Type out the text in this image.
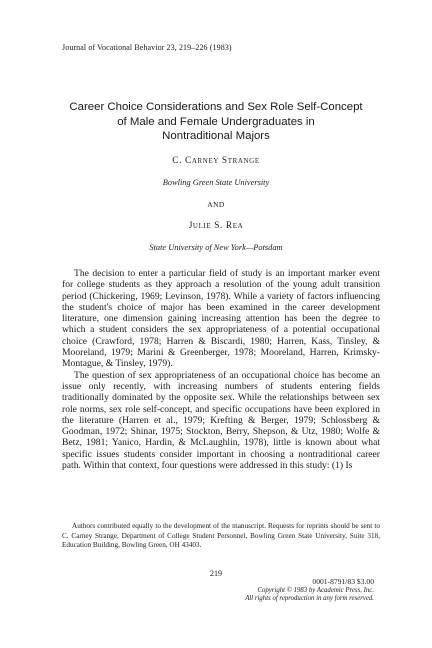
Journal of Vocational Behavior 23, 219–226 (1983)
Career Choice Considerations and Sex Role Self-Concept
of Male and Female Undergraduates in
Nontraditional Majors
C. Carney Strange
Bowling Green State University
AND
Julie S. Rea
State University of New York—Potsdam

The decision to enter a particular field of study is an important marker event for college students as they approach a resolution of the young adult transition period (Chickering, 1969; Levinson, 1978). While a variety of factors influencing the student's choice of major has been examined in the career development literature, one dimension gaining increasing attention has been the degree to which a student considers the sex appropriateness of a potential occupational choice (Crawford, 1978; Harren & Biscardi, 1980; Harren, Kass, Tinsley, & Mooreland, 1979; Marini & Greenberger, 1978; Mooreland, Harren, Krimsky-Montague, & Tinsley, 1979).

The question of sex appropriateness of an occupational choice has become an issue only recently, with increasing numbers of students entering fields traditionally dominated by the opposite sex. While the relationships between sex role norms, sex role self-concept, and specific occupations have been explored in the literature (Harren et al., 1979; Krefting & Berger, 1979; Schlossberg & Goodman, 1972; Shinar, 1975; Stockton, Berry, Shepson, & Utz, 1980; Wolfe & Betz, 1981; Yanico, Hardin, & McLaughlin, 1978), little is known about what specific issues students consider important in choosing a nontraditional career path. Within that context, four questions were addressed in this study: (1) Is

Authors contributed equally to the development of the manuscript. Requests for reprints should be sent to C. Carney Strange, Department of College Student Personnel, Bowling Green State University, Suite 318, Education Building, Bowling Green, OH 43403.
219
0001-8791/83 $3.00
Copyright © 1983 by Academic Press, Inc.
All rights of reproduction in any form reserved.
